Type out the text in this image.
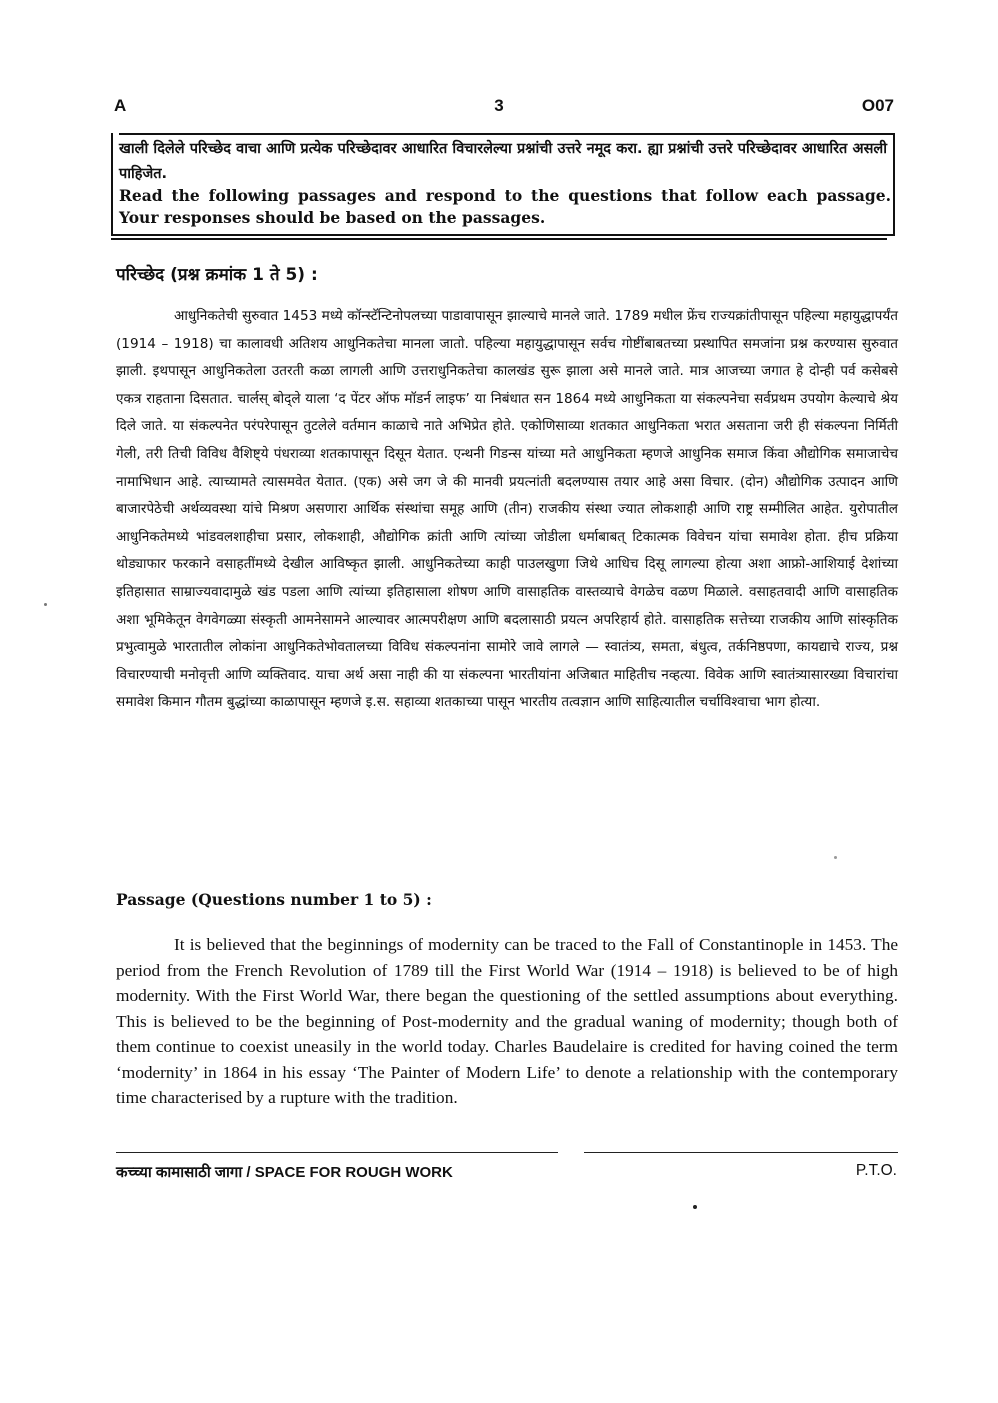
A	3	O07
खाली दिलेले परिच्छेद वाचा आणि प्रत्येक परिच्छेदावर आधारित विचारलेल्या प्रश्नांची उत्तरे नमूद करा. ह्या प्रश्नांची उत्तरे परिच्छेदावर आधारित असली पाहिजेत.
Read the following passages and respond to the questions that follow each passage. Your responses should be based on the passages.
परिच्छेद (प्रश्न क्रमांक 1 ते 5) :

आधुनिकतेची सुरुवात 1453 मध्ये कॉन्स्टॅन्टिनोपलच्या पाडावापासून झाल्याचे मानले जाते. 1789 मधील फ्रेंच राज्यक्रांतीपासून पहिल्या महायुद्धापर्यंत (1914 – 1918) चा कालावधी अतिशय आधुनिकतेचा मानला जातो. पहिल्या महायुद्धापासून सर्वच गोष्टींबाबतच्या प्रस्थापित समजांना प्रश्न करण्यास सुरुवात झाली. इथपासून आधुनिकतेला उतरती कळा लागली आणि उत्तराधुनिकतेचा कालखंड सुरू झाला असे मानले जाते. मात्र आजच्या जगात हे दोन्ही पर्व कसेबसे एकत्र राहताना दिसतात. चार्लस् बोद्ले याला ‘द पेंटर ऑफ मॉडर्न लाइफ’ या निबंधात सन 1864 मध्ये आधुनिकता या संकल्पनेचा सर्वप्रथम उपयोग केल्याचे श्रेय दिले जाते. या संकल्पनेत परंपरेपासून तुटलेले वर्तमान काळाचे नाते अभिप्रेत होते. एकोणिसाव्या शतकात आधुनिकता भरात असताना जरी ही संकल्पना निर्मिती गेली, तरी तिची विविध वैशिष्ट्ये पंधराव्या शतकापासून दिसून येतात. एन्थनी गिडन्स यांच्या मते आधुनिकता म्हणजे आधुनिक समाज किंवा औद्योगिक समाजाचेच नामाभिधान आहे. त्याच्यामते त्यासमवेत येतात. (एक) असे जग जे की मानवी प्रयत्नांती बदलण्यास तयार आहे असा विचार. (दोन) औद्योगिक उत्पादन आणि बाजारपेठेची अर्थव्यवस्था यांचे मिश्रण असणारा आर्थिक संस्थांचा समूह आणि (तीन) राजकीय संस्था ज्यात लोकशाही आणि राष्ट्र सम्मीलित आहेत. युरोपातील आधुनिकतेमध्ये भांडवलशाहीचा प्रसार, लोकशाही, औद्योगिक क्रांती आणि त्यांच्या जोडीला धर्माबाबत् टिकात्मक विवेचन यांचा समावेश होता. हीच प्रक्रिया थोड्याफार फरकाने वसाहतींमध्ये देखील आविष्कृत झाली. आधुनिकतेच्या काही पाउलखुणा जिथे आधिच दिसू लागल्या होत्या अशा आफ्रो-आशियाई देशांच्या इतिहासात साम्राज्यवादामुळे खंड पडला आणि त्यांच्या इतिहासाला शोषण आणि वासाहतिक वास्तव्याचे वेगळेच वळण मिळाले. वसाहतवादी आणि वासाहतिक अशा भूमिकेतून वेगवेगळ्या संस्कृती आमनेसामने आल्यावर आत्मपरीक्षण आणि बदलासाठी प्रयत्न अपरिहार्य होते. वासाहतिक सत्तेच्या राजकीय आणि सांस्कृतिक प्रभुत्वामुळे भारतातील लोकांना आधुनिकतेभोवतालच्या विविध संकल्पनांना सामोरे जावे लागले — स्वातंत्र्य, समता, बंधुत्व, तर्कनिष्ठपणा, कायद्याचे राज्य, प्रश्न विचारण्याची मनोवृत्ती आणि व्यक्तिवाद. याचा अर्थ असा नाही की या संकल्पना भारतीयांना अजिबात माहितीच नव्हत्या. विवेक आणि स्वातंत्र्यासारख्या विचारांचा समावेश किमान गौतम बुद्धांच्या काळापासून म्हणजे इ.स. सहाव्या शतकाच्या पासून भारतीय तत्वज्ञान आणि साहित्यातील चर्चाविश्वाचा भाग होत्या.

Passage (Questions number 1 to 5) :

It is believed that the beginnings of modernity can be traced to the Fall of Constantinople in 1453. The period from the French Revolution of 1789 till the First World War (1914 – 1918) is believed to be of high modernity. With the First World War, there began the questioning of the settled assumptions about everything. This is believed to be the beginning of Post-modernity and the gradual waning of modernity; though both of them continue to coexist uneasily in the world today. Charles Baudelaire is credited for having coined the term ‘modernity’ in 1864 in his essay ‘The Painter of Modern Life’ to denote a relationship with the contemporary time characterised by a rupture with the tradition.

कच्च्या कामासाठी जागा / SPACE FOR ROUGH WORK	P.T.O.
